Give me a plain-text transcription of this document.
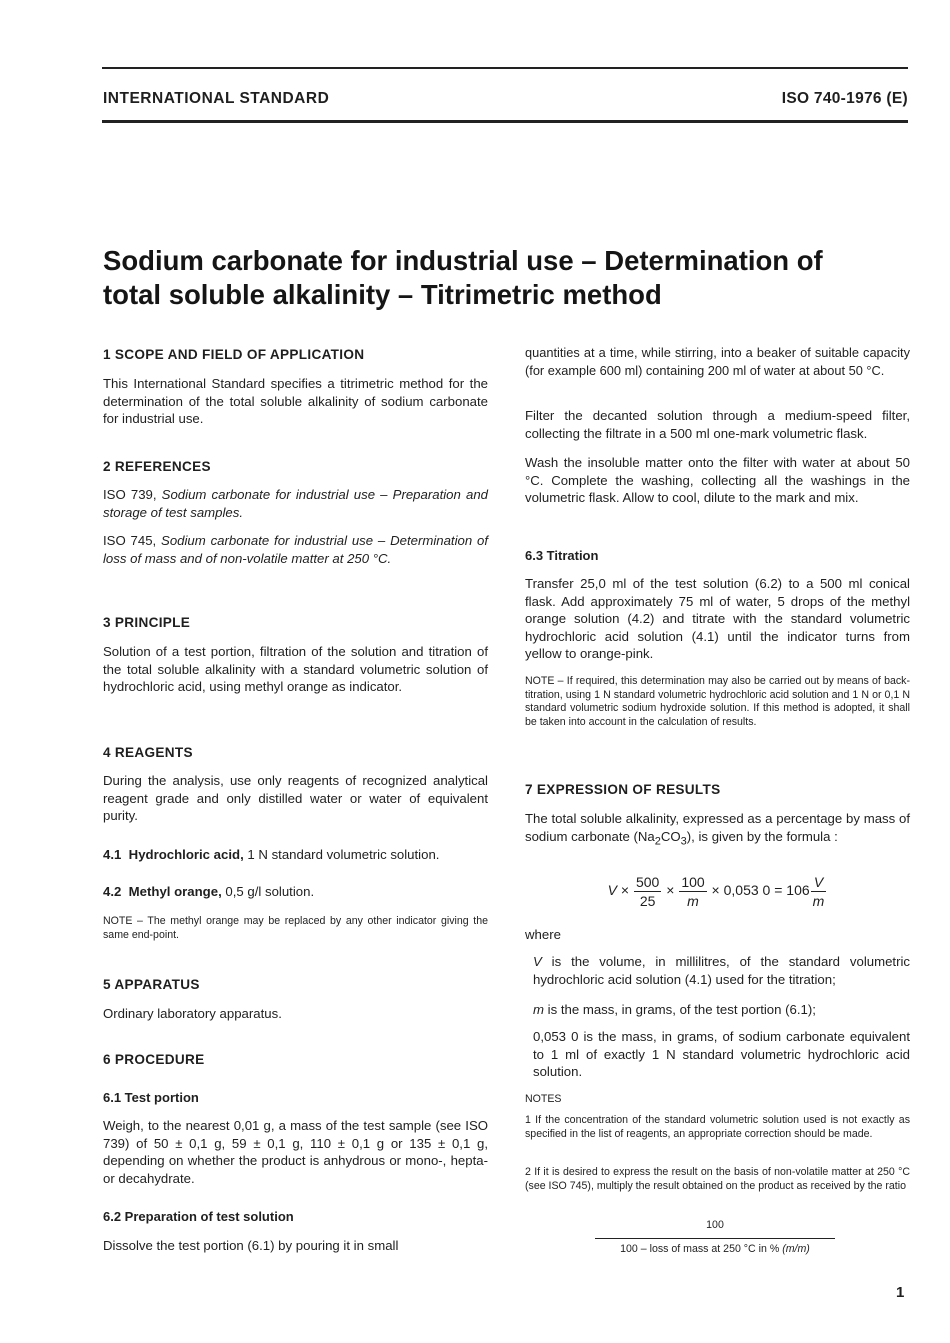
INTERNATIONAL STANDARD	ISO 740-1976 (E)
Sodium carbonate for industrial use – Determination of
total soluble alkalinity – Titrimetric method
1 SCOPE AND FIELD OF APPLICATION
This International Standard specifies a titrimetric method for the determination of the total soluble alkalinity of sodium carbonate for industrial use.
2 REFERENCES
ISO 739, Sodium carbonate for industrial use – Preparation and storage of test samples.
ISO 745, Sodium carbonate for industrial use – Determination of loss of mass and of non-volatile matter at 250 °C.
3 PRINCIPLE
Solution of a test portion, filtration of the solution and titration of the total soluble alkalinity with a standard volumetric solution of hydrochloric acid, using methyl orange as indicator.
4 REAGENTS
During the analysis, use only reagents of recognized analytical reagent grade and only distilled water or water of equivalent purity.
4.1 Hydrochloric acid, 1 N standard volumetric solution.
4.2 Methyl orange, 0,5 g/l solution.
NOTE – The methyl orange may be replaced by any other indicator giving the same end-point.
5 APPARATUS
Ordinary laboratory apparatus.
6 PROCEDURE
6.1 Test portion
Weigh, to the nearest 0,01 g, a mass of the test sample (see ISO 739) of 50 ± 0,1 g, 59 ± 0,1 g, 110 ± 0,1 g or 135 ± 0,1 g, depending on whether the product is anhydrous or mono-, hepta- or decahydrate.
6.2 Preparation of test solution
Dissolve the test portion (6.1) by pouring it in small
quantities at a time, while stirring, into a beaker of suitable capacity (for example 600 ml) containing 200 ml of water at about 50 °C.
Filter the decanted solution through a medium-speed filter, collecting the filtrate in a 500 ml one-mark volumetric flask.
Wash the insoluble matter onto the filter with water at about 50 °C. Complete the washing, collecting all the washings in the volumetric flask. Allow to cool, dilute to the mark and mix.
6.3 Titration
Transfer 25,0 ml of the test solution (6.2) to a 500 ml conical flask. Add approximately 75 ml of water, 5 drops of the methyl orange solution (4.2) and titrate with the standard volumetric hydrochloric acid solution (4.1) until the indicator turns from yellow to orange-pink.
NOTE – If required, this determination may also be carried out by means of back-titration, using 1 N standard volumetric hydrochloric acid solution and 1 N or 0,1 N standard volumetric sodium hydroxide solution. If this method is adopted, it shall be taken into account in the calculation of results.
7 EXPRESSION OF RESULTS
The total soluble alkalinity, expressed as a percentage by mass of sodium carbonate $(Na_2CO_3)$, is given by the formula :
$V \times \frac{500}{25} \times \frac{100}{m} \times 0,053$ $0 = 106 \frac{V}{m}$
where
V is the volume, in millilitres, of the standard volumetric hydrochloric acid solution (4.1) used for the titration;
m is the mass, in grams, of the test portion (6.1);
0,053 0 is the mass, in grams, of sodium carbonate equivalent to 1 ml of exactly 1 N standard volumetric hydrochloric acid solution.
NOTES
1 If the concentration of the standard volumetric solution used is not exactly as specified in the list of reagents, an appropriate correction should be made.
2 If it is desired to express the result on the basis of non-volatile matter at 250 °C (see ISO 745), multiply the result obtained on the product as received by the ratio
100
100 – loss of mass at 250 °C in % (m/m)
1
